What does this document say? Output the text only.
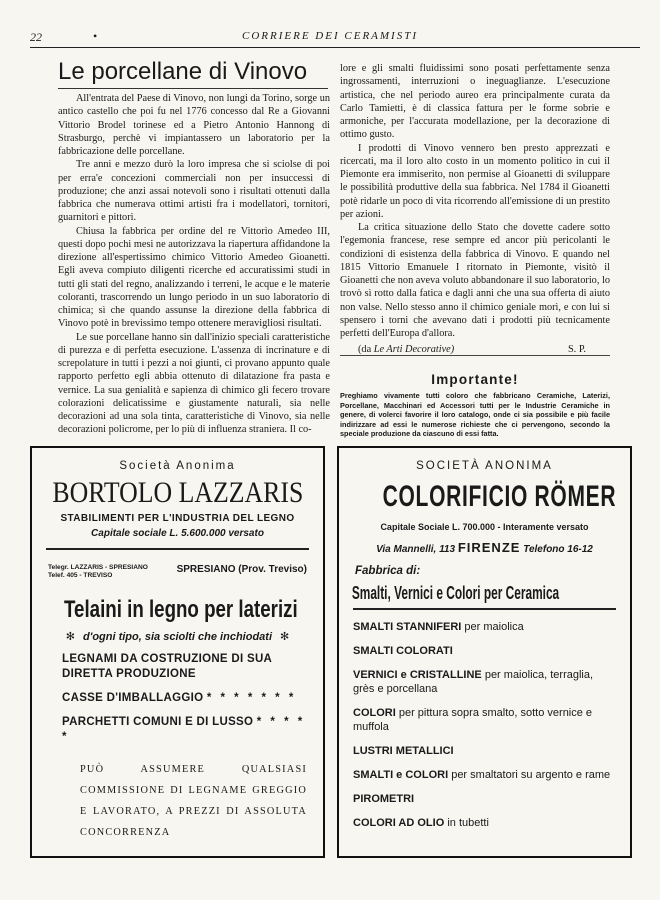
22	•	CORRIERE DEI CERAMISTI
Le porcellane di Vinovo

All'entrata del Paese di Vinovo, non lungi da Torino, sorge un antico castello che poi fu nel 1776 concesso dal Re a Giovanni Vittorio Brodel torinese ed a Pietro Antonio Hannong di Strasburgo, perchè vi impiantassero un laboratorio per la fabbricazione delle porcellane.

Tre anni e mezzo durò la loro impresa che si sciolse di poi per erra'e concezioni commerciali non per insuccessi di produzione; che anzi assai notevoli sono i risultati ottenuti dalla fabbrica che numerava ottimi artisti fra i modellatori, tornitori, guarnitori e pittori.

Chiusa la fabbrica per ordine del re Vittorio Amedeo III, questi dopo pochi mesi ne autorizzava la riapertura affidandone la direzione all'espertissimo chimico Vittorio Amedeo Gioanetti. Egli aveva compiuto diligenti ricerche ed accuratissimi studi in tutti gli stati del regno, analizzando i terreni, le acque e le materie coloranti, trascorrendo un lungo periodo in un suo laboratorio di chimica; sì che quando assunse la direzione della fabbrica di Vinovo potè in brevissimo tempo ottenere meravigliosi risultati.

Le sue porcellane hanno sin dall'inizio speciali caratteristiche di purezza e di perfetta esecuzione. L'assenza di incrinature e di screpolature in tutti i pezzi a noi giunti, ci provano appunto quale rapporto perfetto egli abbia ottenuto di dilatazione fra pasta e vernice. La sua genialità e sapienza di chimico gli fecero trovare colorazioni delicatissime e giustamente naturali, sia nelle decorazioni ad una sola tinta, caratteristiche di Vinovo, sia nelle decorazioni policrome, per lo più di influenza straniera. Il co-

lore e gli smalti fluidissimi sono posati perfettamente senza ingrossamenti, interruzioni o ineguaglianze. L'esecuzione artistica, che nel periodo aureo era principalmente curata da Carlo Tamietti, è di classica fattura per le forme sobrie e armoniche, per l'accurata modellazione, per la decorazione di ottimo gusto.

I prodotti di Vinovo vennero ben presto apprezzati e ricercati, ma il loro alto costo in un momento politico in cui il Piemonte era immiserito, non permise al Gioanetti di sviluppare le possibilità produttive della sua fabbrica. Nel 1784 il Gioanetti potè ridarle un poco di vita ricorrendo all'emissione di un prestito per azioni.

La critica situazione dello Stato che dovette cadere sotto l'egemonia francese, rese sempre ed ancor più pericolanti le condizioni di esistenza della fabbrica di Vinovo. E quando nel 1815 Vittorio Emanuele I ritornato in Piemonte, visitò il Gioanetti che non aveva voluto abbandonare il suo laboratorio, lo trovò sì rotto dalla fatica e dagli anni che una sua offerta di aiuto non valse. Nello stesso anno il chimico geniale morì, e con lui si spensero i torni che avevano dati i prodotti più tecnicamente perfetti dell'Europa d'allora.

(da Le Arti Decorative)	S. P.
Importante!
Preghiamo vivamente tutti coloro che fabbricano Ceramiche, Laterizi, Porcellane, Macchinari ed Accessori tutti per le Industrie Ceramiche in genere, di volerci favorire il loro catalogo, onde ci sia possibile e più facile indirizzare ad essi le numerose richieste che ci pervengono, secondo la speciale produzione da ciascuno di essi fatta.
Società Anonima
BORTOLO LAZZARIS
STABILIMENTI PER L'INDUSTRIA DEL LEGNO
Capitale sociale L. 5.600.000 versato
Telegr. LAZZARIS - SPRESIANO
Telef. 405 - TREVISO
SPRESIANO (Prov. Treviso)
Telaini in legno per laterizi
✻ d'ogni tipo, sia sciolti che inchiodati ✻
LEGNAMI DA COSTRUZIONE DI SUA DIRETTA PRODUZIONE
CASSE D'IMBALLAGGIO * * * * * * *
PARCHETTI COMUNI E DI LUSSO * * * * *
PUÒ ASSUMERE QUALSIASI COMMISSIONE DI LEGNAME GREGGIO E LAVORATO, A PREZZI DI ASSOLUTA CONCORRENZA
SOCIETÀ ANONIMA
COLORIFICIO RÖMER
Capitale Sociale L. 700.000 - Interamente versato
Via Mannelli, 113 FIRENZE Telefono 16-12
Fabbrica di:
Smalti, Vernici e Colori per Ceramica
SMALTI STANNIFERI per maiolica
SMALTI COLORATI
VERNICI e CRISTALLINE per maiolica, terraglia, grès e porcellana
COLORI per pittura sopra smalto, sotto vernice e muffola
LUSTRI METALLICI
SMALTI e COLORI per smaltatori su argento e rame
PIROMETRI
COLORI AD OLIO in tubetti
